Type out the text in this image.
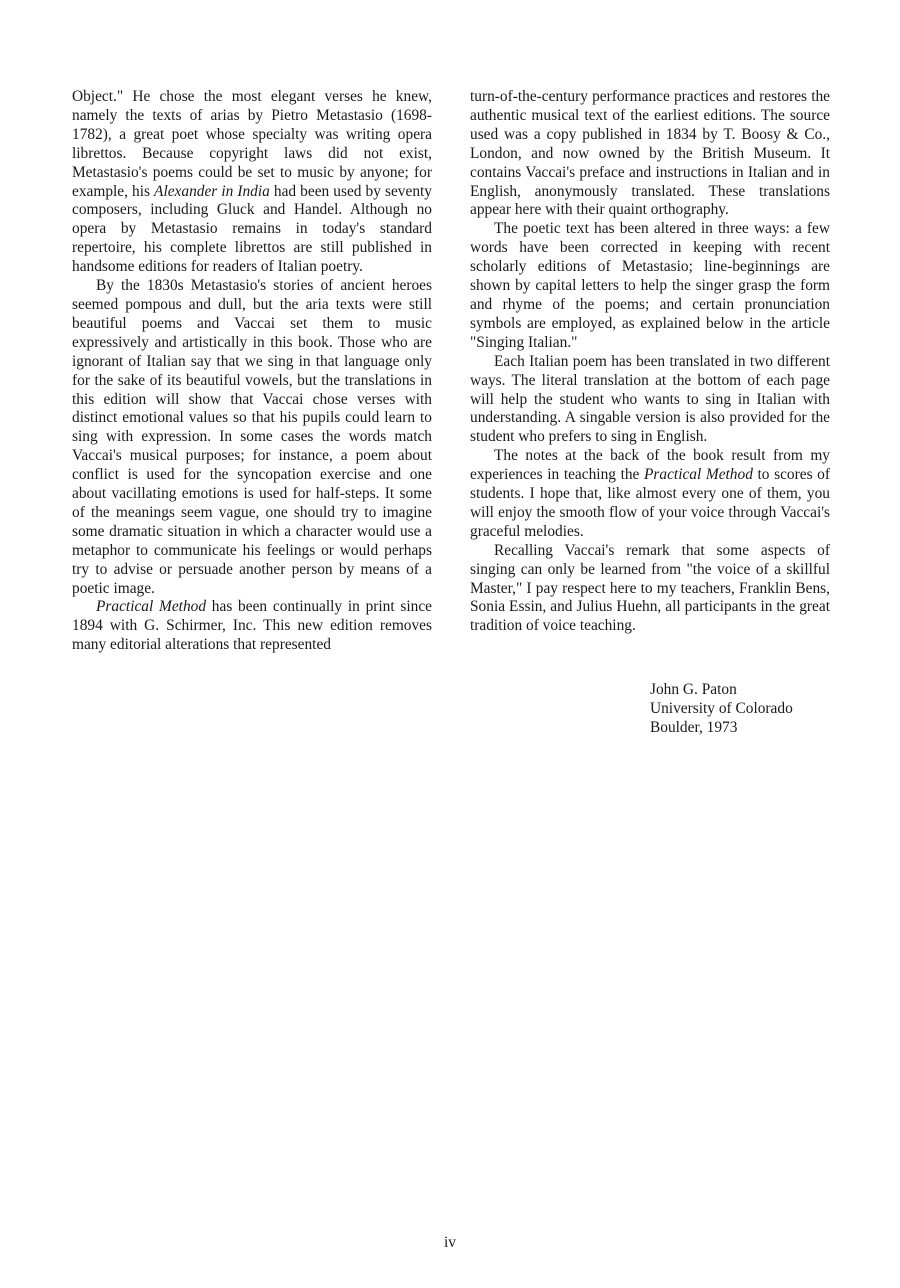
Object." He chose the most elegant verses he knew, namely the texts of arias by Pietro Metastasio (1698-1782), a great poet whose specialty was writing opera librettos. Because copyright laws did not exist, Metastasio's poems could be set to music by anyone; for example, his Alexander in India had been used by seventy composers, including Gluck and Handel. Although no opera by Metastasio remains in today's standard repertoire, his complete librettos are still published in handsome editions for readers of Italian poetry.

By the 1830s Metastasio's stories of ancient heroes seemed pompous and dull, but the aria texts were still beautiful poems and Vaccai set them to music expressively and artistically in this book. Those who are ignorant of Italian say that we sing in that language only for the sake of its beautiful vowels, but the translations in this edition will show that Vaccai chose verses with distinct emotional values so that his pupils could learn to sing with expression. In some cases the words match Vaccai's musical purposes; for instance, a poem about conflict is used for the syncopation exercise and one about vacillating emotions is used for half-steps. It some of the meanings seem vague, one should try to imagine some dramatic situation in which a character would use a metaphor to communicate his feelings or would perhaps try to advise or persuade another person by means of a poetic image.

Practical Method has been continually in print since 1894 with G. Schirmer, Inc. This new edition removes many editorial alterations that represented

turn-of-the-century performance practices and restores the authentic musical text of the earliest editions. The source used was a copy published in 1834 by T. Boosy & Co., London, and now owned by the British Museum. It contains Vaccai's preface and instructions in Italian and in English, anonymously translated. These translations appear here with their quaint orthography.

The poetic text has been altered in three ways: a few words have been corrected in keeping with recent scholarly editions of Metastasio; line-beginnings are shown by capital letters to help the singer grasp the form and rhyme of the poems; and certain pronunciation symbols are employed, as explained below in the article "Singing Italian."

Each Italian poem has been translated in two different ways. The literal translation at the bottom of each page will help the student who wants to sing in Italian with understanding. A singable version is also provided for the student who prefers to sing in English.

The notes at the back of the book result from my experiences in teaching the Practical Method to scores of students. I hope that, like almost every one of them, you will enjoy the smooth flow of your voice through Vaccai's graceful melodies.

Recalling Vaccai's remark that some aspects of singing can only be learned from "the voice of a skillful Master," I pay respect here to my teachers, Franklin Bens, Sonia Essin, and Julius Huehn, all participants in the great tradition of voice teaching.

John G. Paton
University of Colorado
Boulder, 1973
iv
